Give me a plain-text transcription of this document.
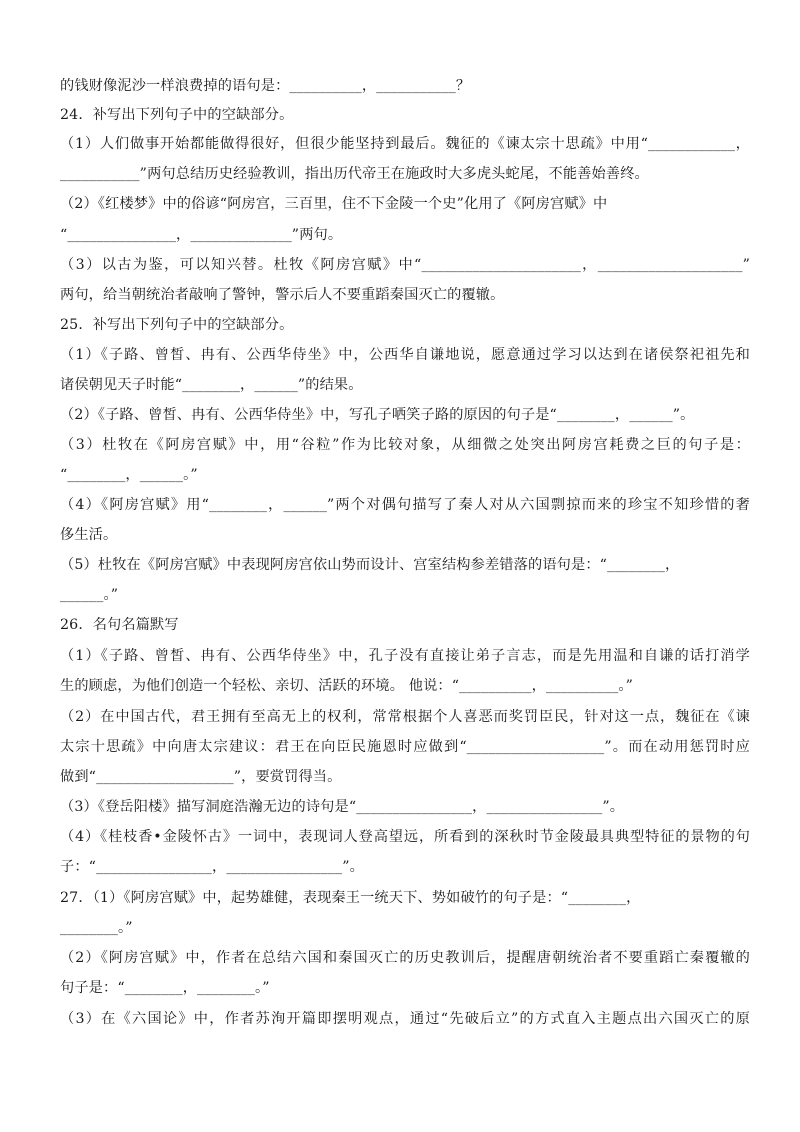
的钱财像泥沙一样浪费掉的语句是：__________，___________？
24．补写出下列句子中的空缺部分。
（1）人们做事开始都能做得很好，但很少能坚持到最后。魏征的《谏太宗十思疏》中用“____________，
___________”两句总结历史经验教训，指出历代帝王在施政时大多虎头蛇尾，不能善始善终。
（2）《红楼梦》中的俗谚“阿房宫，三百里，住不下金陵一个史”化用了《阿房宫赋》中
“_______________，______________”两句。
（3）以古为鉴，可以知兴替。杜牧《阿房宫赋》中“______________________，____________________”
两句，给当朝统治者敲响了警钟，警示后人不要重蹈秦国灭亡的覆辙。
25．补写出下列句子中的空缺部分。
（1）《子路、曾皙、冉有、公西华侍坐》中，公西华自谦地说，愿意通过学习以达到在诸侯祭祀祖先和
诸侯朝见天子时能“________，______”的结果。
（2）《子路、曾皙、冉有、公西华侍坐》中，写孔子哂笑子路的原因的句子是“________，______”。
（3）杜牧在《阿房宫赋》中，用“谷粒”作为比较对象，从细微之处突出阿房宫耗费之巨的句子是：
“________，______。”
（4）《阿房宫赋》用“________，______”两个对偶句描写了秦人对从六国剽掠而来的珍宝不知珍惜的奢
侈生活。
（5）杜牧在《阿房宫赋》中表现阿房宫依山势而设计、宫室结构参差错落的语句是：“________，
______。”
26．名句名篇默写
（1）《子路、曾皙、冉有、公西华侍坐》中，孔子没有直接让弟子言志，而是先用温和自谦的话打消学
生的顾虑，为他们创造一个轻松、亲切、活跃的环境。 他说：“__________，__________。”
（2）在中国古代，君王拥有至高无上的权利，常常根据个人喜恶而奖罚臣民，针对这一点，魏征在《谏
太宗十思疏》中向唐太宗建议：君王在向臣民施恩时应做到“___________________”。而在动用惩罚时应
做到“___________________”，要赏罚得当。
（3）《登岳阳楼》描写洞庭浩瀚无边的诗句是“________________，________________”。
（4）《桂枝香•金陵怀古》一词中，表现词人登高望远，所看到的深秋时节金陵最具典型特征的景物的句
子：“________________，________________”。
27．（1）《阿房宫赋》中，起势雄健，表现秦王一统天下、势如破竹的句子是：“________，
________。”
（2）《阿房宫赋》中，作者在总结六国和秦国灭亡的历史教训后，提醒唐朝统治者不要重蹈亡秦覆辙的
句子是：“________，________。”
（3）在《六国论》中，作者苏洵开篇即摆明观点，通过“先破后立”的方式直入主题点出六国灭亡的原
